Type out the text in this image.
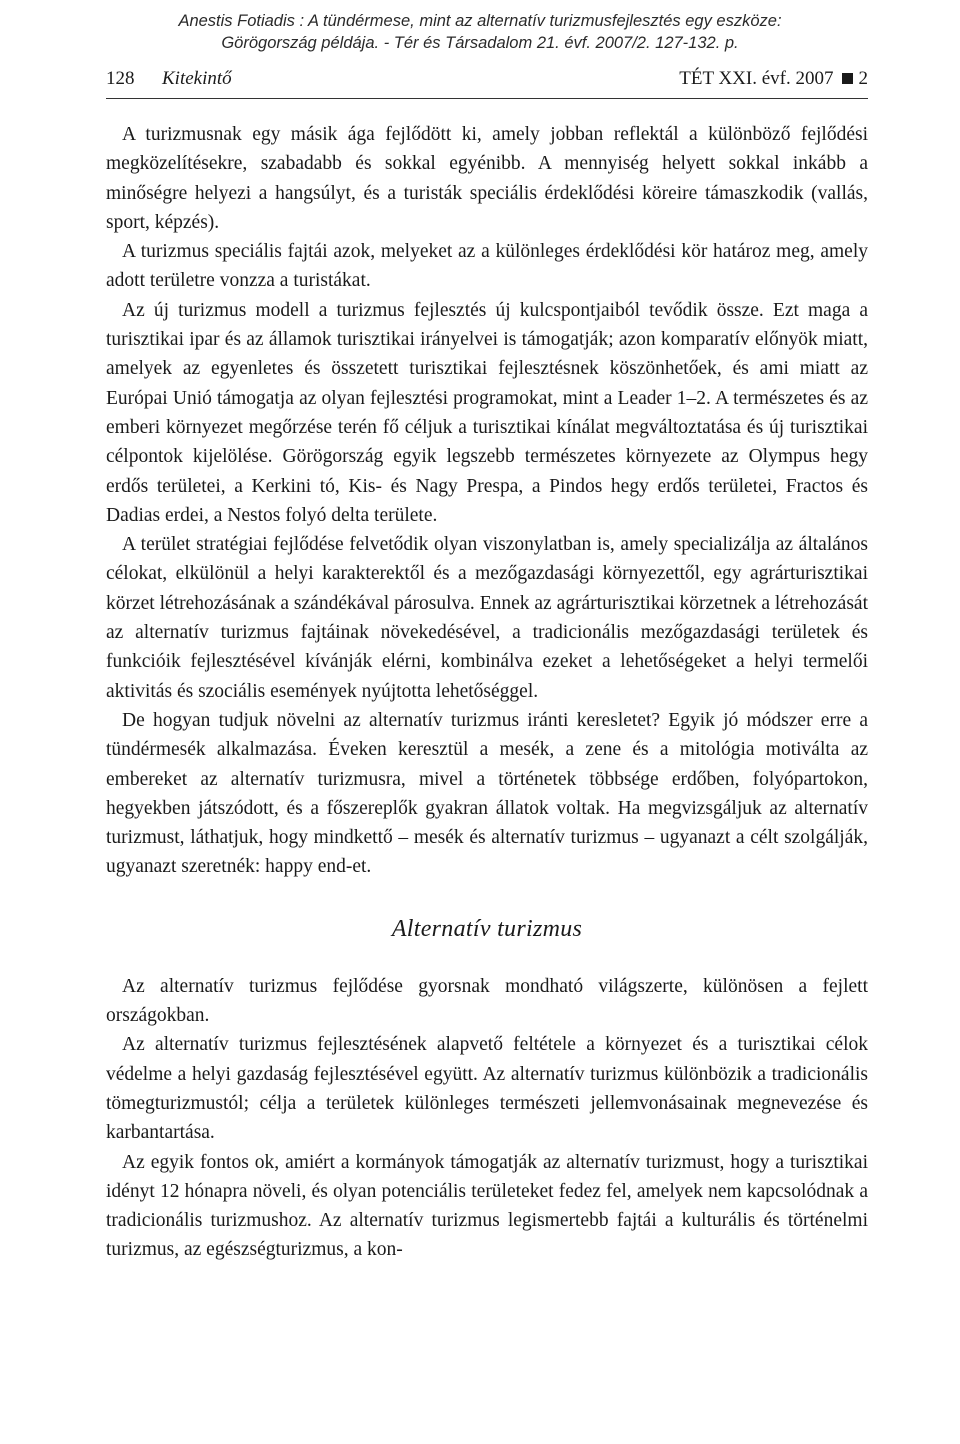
Anestis Fotiadis : A tündérmese, mint az alternatív turizmusfejlesztés egy eszköze:
Görögország példája. - Tér és Társadalom 21. évf. 2007/2. 127-132. p.
128 Kitekintő	TÉT XXI. évf. 2007 2

A turizmusnak egy másik ága fejlődött ki, amely jobban reflektál a különböző fejlődési megközelítésekre, szabadabb és sokkal egyénibb. A mennyiség helyett sokkal inkább a minőségre helyezi a hangsúlyt, és a turisták speciális érdeklődési köreire támaszkodik (vallás, sport, képzés).

A turizmus speciális fajtái azok, melyeket az a különleges érdeklődési kör határoz meg, amely adott területre vonzza a turistákat.

Az új turizmus modell a turizmus fejlesztés új kulcspontjaiból tevődik össze. Ezt maga a turisztikai ipar és az államok turisztikai irányelvei is támogatják; azon komparatív előnyök miatt, amelyek az egyenletes és összetett turisztikai fejlesztésnek köszönhetőek, és ami miatt az Európai Unió támogatja az olyan fejlesztési programokat, mint a Leader 1–2. A természetes és az emberi környezet megőrzése terén fő céljuk a turisztikai kínálat megváltoztatása és új turisztikai célpontok kijelölése. Görögország egyik legszebb természetes környezete az Olympus hegy erdős területei, a Kerkini tó, Kis- és Nagy Prespa, a Pindos hegy erdős területei, Fractos és Dadias erdei, a Nestos folyó delta területe.

A terület stratégiai fejlődése felvetődik olyan viszonylatban is, amely specializálja az általános célokat, elkülönül a helyi karakterektől és a mezőgazdasági környezettől, egy agrárturisztikai körzet létrehozásának a szándékával párosulva. Ennek az agrárturisztikai körzetnek a létrehozását az alternatív turizmus fajtáinak növekedésével, a tradicionális mezőgazdasági területek és funkcióik fejlesztésével kívánják elérni, kombinálva ezeket a lehetőségeket a helyi termelői aktivitás és szociális események nyújtotta lehetőséggel.

De hogyan tudjuk növelni az alternatív turizmus iránti keresletet? Egyik jó módszer erre a tündérmesék alkalmazása. Éveken keresztül a mesék, a zene és a mitológia motiválta az embereket az alternatív turizmusra, mivel a történetek többsége erdőben, folyópartokon, hegyekben játszódott, és a főszereplők gyakran állatok voltak. Ha megvizsgáljuk az alternatív turizmust, láthatjuk, hogy mindkettő – mesék és alternatív turizmus – ugyanazt a célt szolgálják, ugyanazt szeretnék: happy end-et.

Alternatív turizmus

Az alternatív turizmus fejlődése gyorsnak mondható világszerte, különösen a fejlett országokban.

Az alternatív turizmus fejlesztésének alapvető feltétele a környezet és a turisztikai célok védelme a helyi gazdaság fejlesztésével együtt. Az alternatív turizmus különbözik a tradicionális tömegturizmustól; célja a területek különleges természeti jellemvonásainak megnevezése és karbantartása.

Az egyik fontos ok, amiért a kormányok támogatják az alternatív turizmust, hogy a turisztikai idényt 12 hónapra növeli, és olyan potenciális területeket fedez fel, amelyek nem kapcsolódnak a tradicionális turizmushoz. Az alternatív turizmus legismertebb fajtái a kulturális és történelmi turizmus, az egészségturizmus, a kon-
